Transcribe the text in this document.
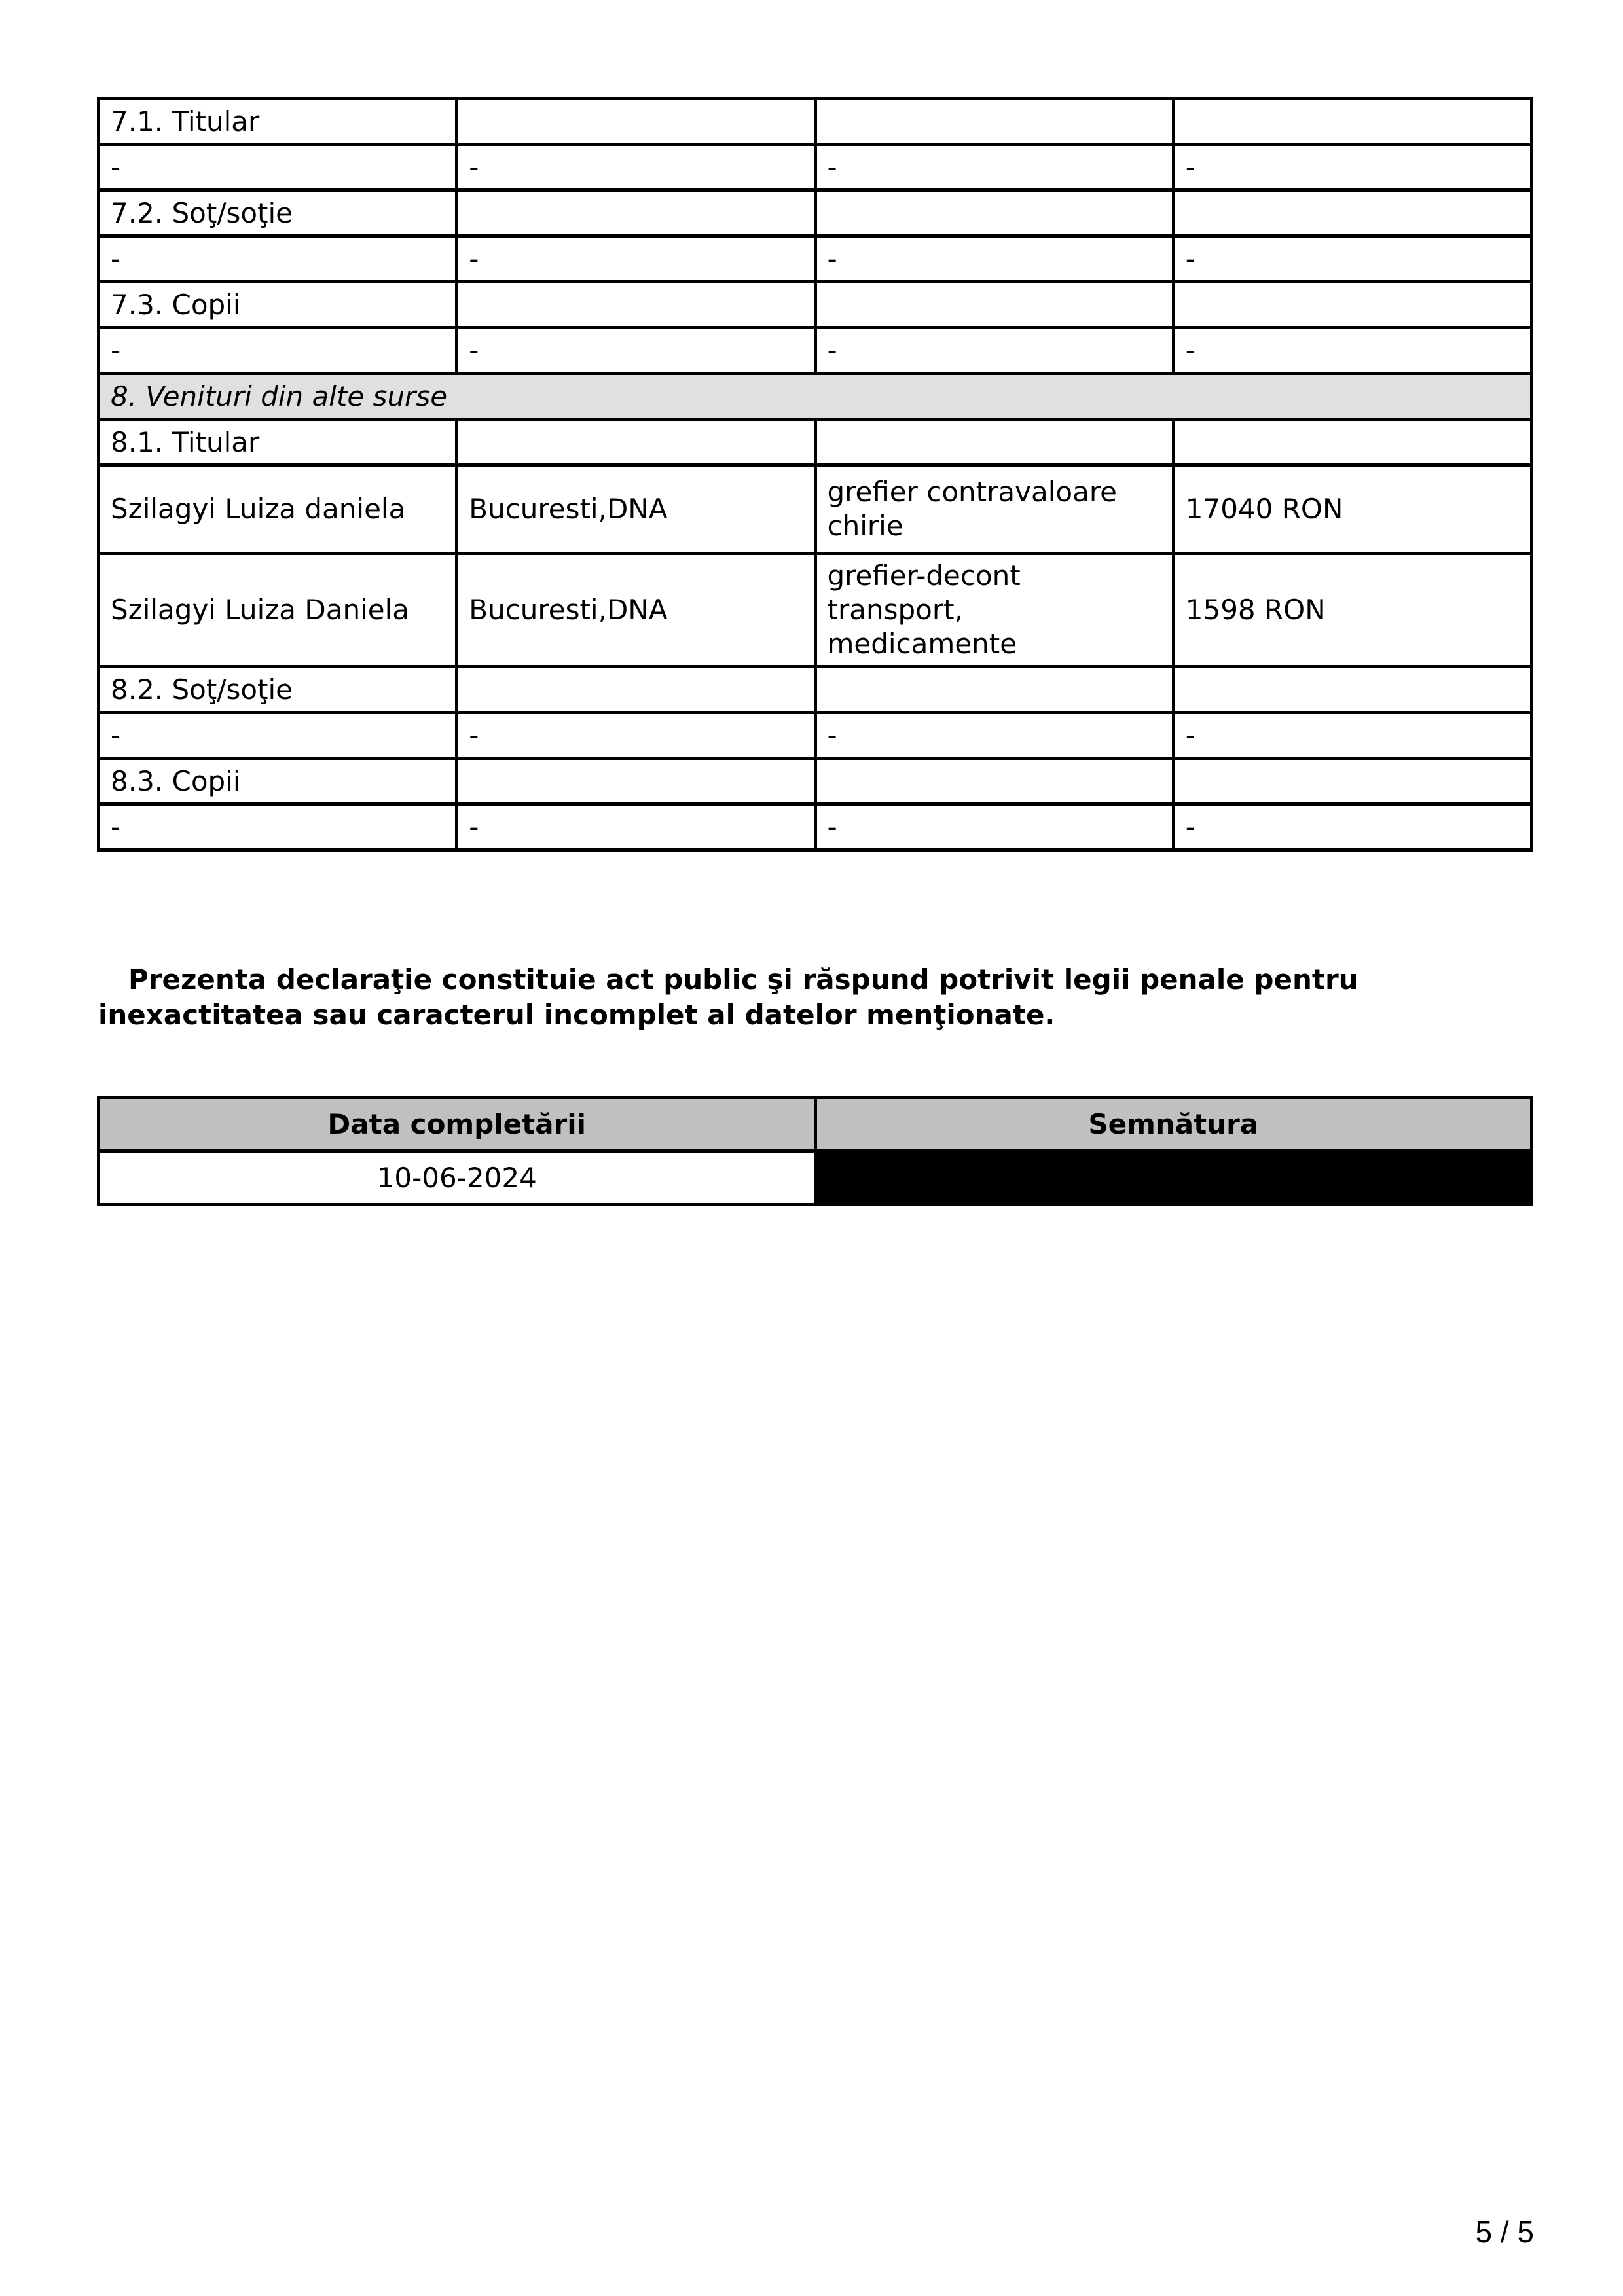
7.1. Titular			
-	-	-	-
7.2. Soţ/soţie			
-	-	-	-
7.3. Copii			
-	-	-	-
8. Venituri din alte surse			
8.1. Titular			
Szilagyi Luiza daniela	Bucuresti,DNA	grefier contravaloare chirie	17040 RON
Szilagyi Luiza Daniela	Bucuresti,DNA	grefier-decont transport, medicamente	1598 RON
8.2. Soţ/soţie			
-	-	-	-
8.3. Copii			
-	-	-	-

Prezenta declaraţie constituie act public şi răspund potrivit legii penale pentru inexactitatea sau caracterul incomplet al datelor menţionate.

Data completării	Semnătura
10-06-2024	
5 / 5
